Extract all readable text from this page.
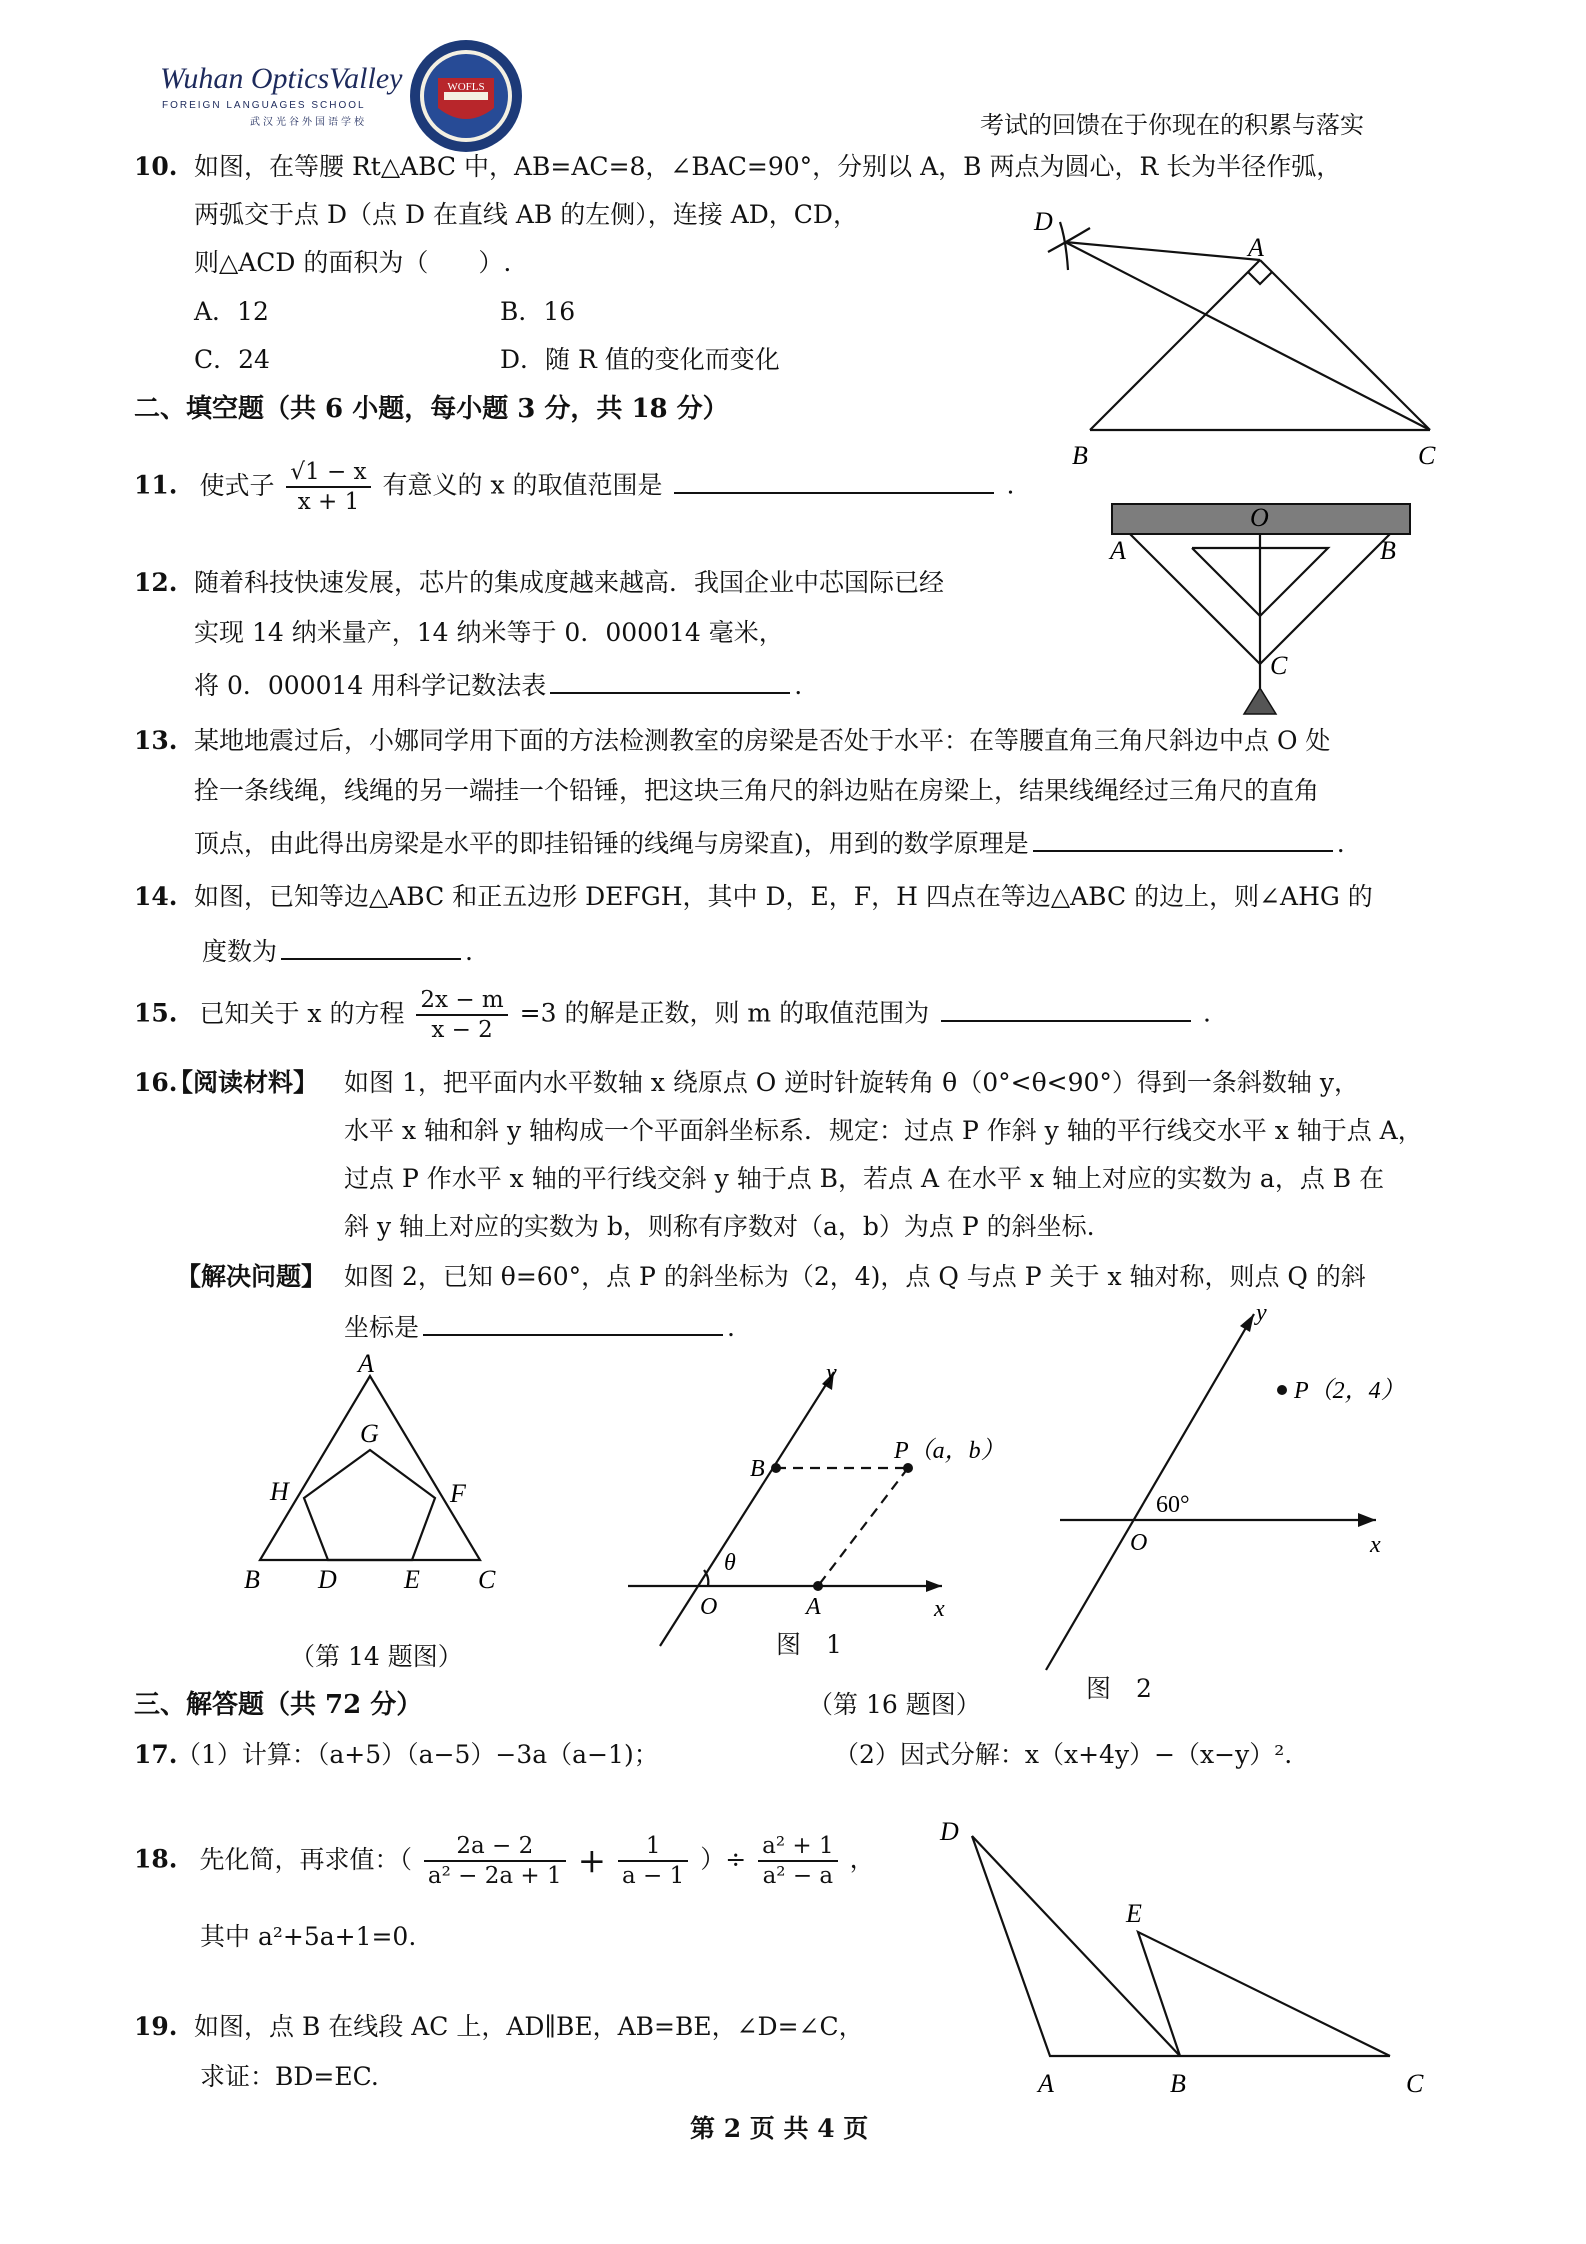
Wuhan OpticsValley
FOREIGN LANGUAGES SCHOOL
武汉光谷外国语学校
WOFLS
考试的回馈在于你现在的积累与落实
10. 如图，在等腰 Rt△ABC 中，AB=AC=8，∠BAC=90°，分别以 A，B 两点为圆心，R 长为半径作弧，
两弧交于点 D（点 D 在直线 AB 的左侧），连接 AD，CD，
则△ACD 的面积为（　　）.
A．12	B．16
C．24	D．随 R 值的变化而变化
D
A
B	C
二、填空题（共 6 小题，每小题 3 分，共 18 分）
11. 使式子 $\frac{√1 - x}{x + 1}$ 有意义的 x 的取值范围是	.
12. 随着科技快速发展，芯片的集成度越来越高．我国企业中芯国际已经
实现 14 纳米量产，14 纳米等于 0．000014 毫米，
将 0．000014 用科学记数法表	.
O
A	B
C
13. 某地地震过后，小娜同学用下面的方法检测教室的房梁是否处于水平：在等腰直角三角尺斜边中点 O 处
拴一条线绳，线绳的另一端挂一个铅锤，把这块三角尺的斜边贴在房梁上，结果线绳经过三角尺的直角
顶点，由此得出房梁是水平的即挂铅锤的线绳与房梁直)，用到的数学原理是	.
14. 如图，已知等边△ABC 和正五边形 DEFGH，其中 D，E，F，H 四点在等边△ABC 的边上，则∠AHG 的
度数为	.
15. 已知关于 x 的方程 $\frac{2x - m}{x - 2} =3$ 的解是正数，则 m 的取值范围为	.
16.
【阅读材料】 如图 1，把平面内水平数轴 x 绕原点 O 逆时针旋转角 θ（0°<θ<90°）得到一条斜数轴 y，
水平 x 轴和斜 y 轴构成一个平面斜坐标系．规定：过点 P 作斜 y 轴的平行线交水平 x 轴于点 A，
过点 P 作水平 x 轴的平行线交斜 y 轴于点 B，若点 A 在水平 x 轴上对应的实数为 a，点 B 在
斜 y 轴上对应的实数为 b，则称有序数对（a，b）为点 P 的斜坐标.
【解决问题】 如图 2，已知 θ=60°，点 P 的斜坐标为（2，4)，点 Q 与点 P 关于 x 轴对称，则点 Q 的斜
坐标是	.
A
G
H	F
B D	E C
（第 14 题图）
y
B
P（a，b）
θ
O	A	x
图　1
y
P（2，4）
60°
O	x
图　2
（第 16 题图）
三、解答题（共 72 分）
17.
（1）计算：（a+5）（a−5）−3a（a−1)；	（2）因式分解：x（x+4y）−（x−y）².
18. 先化简，再求值：（ $\frac{2a - 2}{\text{a² − 2a + 1}} + \frac{1}{a - 1}$ ）÷ $\frac{\text{a² + 1}}{\text{a² − a}}$ ，
其中 a²+5a+1=0.
D
E
A	B	C
19. 如图，点 B 在线段 AC 上，AD∥BE，AB=BE，∠D=∠C，
求证：BD=EC.
第 2 页 共 4 页
